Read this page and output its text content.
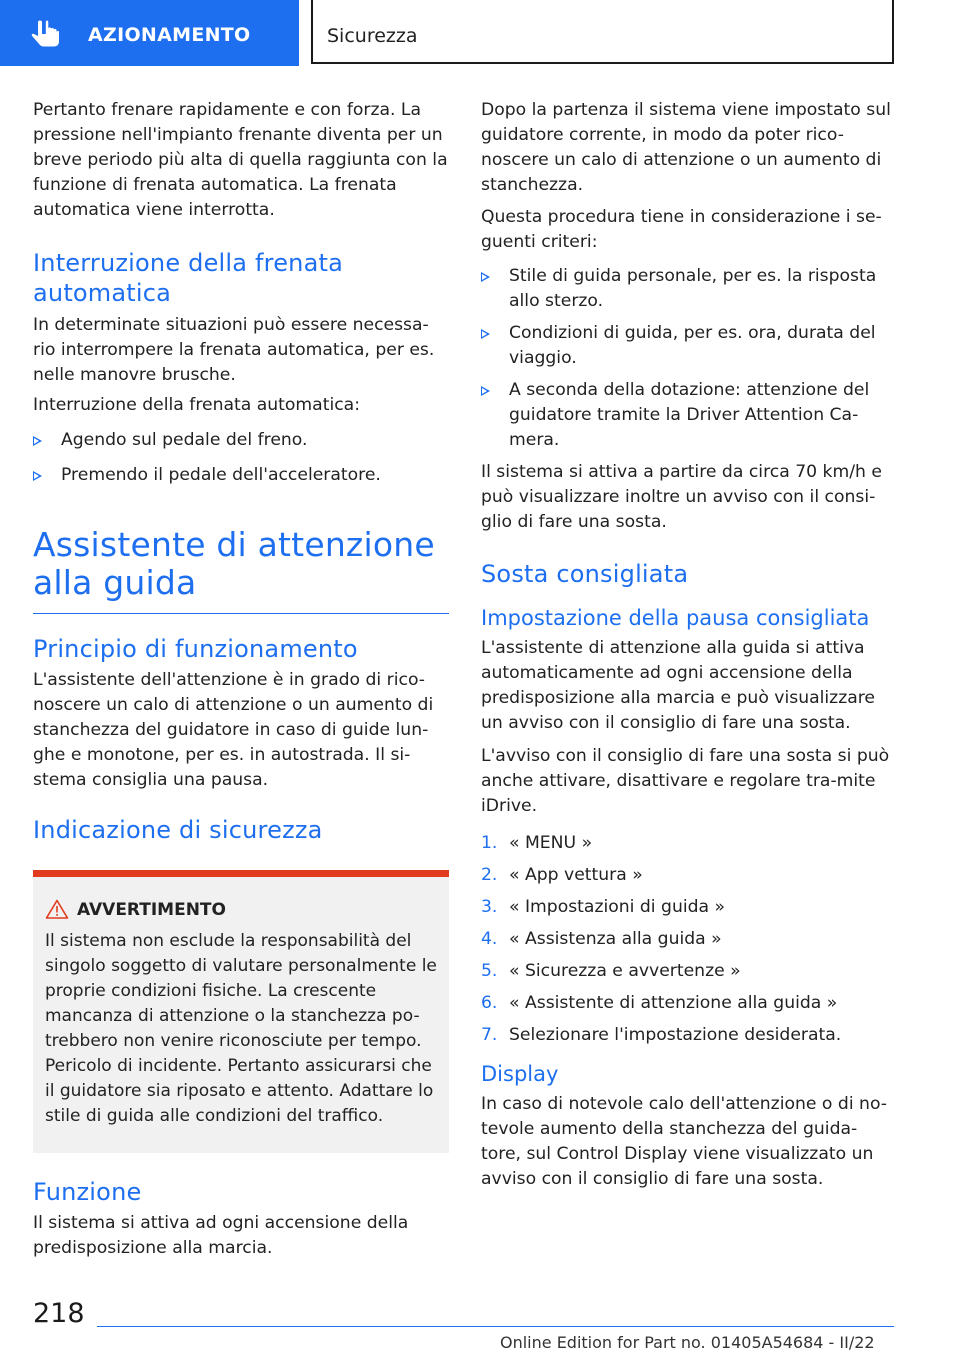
AZIONAMENTO	Sicurezza

Pertanto frenare rapidamente e con forza. La pressione nell'impianto frenante diventa per un breve periodo più alta di quella raggiunta con la funzione di frenata automatica. La frenata automatica viene interrotta.

Interruzione della frenata automatica

In determinate situazioni può essere necessa-rio interrompere la frenata automatica, per es. nelle manovre brusche.

Interruzione della frenata automatica:

Agendo sul pedale del freno.
Premendo il pedale dell'acceleratore.
Assistente di attenzione alla guida
Principio di funzionamento

L'assistente dell'attenzione è in grado di rico-noscere un calo di attenzione o un aumento di stanchezza del guidatore in caso di guide lun-ghe e monotone, per es. in autostrada. Il si-stema consiglia una pausa.

Indicazione di sicurezza
AVVERTIMENTO

Il sistema non esclude la responsabilità del singolo soggetto di valutare personalmente le proprie condizioni fisiche. La crescente mancanza di attenzione o la stanchezza po-trebbero non venire riconosciute per tempo. Pericolo di incidente. Pertanto assicurarsi che il guidatore sia riposato e attento. Adattare lo stile di guida alle condizioni del traffico.

Funzione

Il sistema si attiva ad ogni accensione della predisposizione alla marcia.

Dopo la partenza il sistema viene impostato sul guidatore corrente, in modo da poter rico-noscere un calo di attenzione o un aumento di stanchezza.

Questa procedura tiene in considerazione i se-guenti criteri:

Stile di guida personale, per es. la risposta allo sterzo.
Condizioni di guida, per es. ora, durata del viaggio.
A seconda della dotazione: attenzione del guidatore tramite la Driver Attention Ca-mera.

Il sistema si attiva a partire da circa 70 km/h e può visualizzare inoltre un avviso con il consi-glio di fare una sosta.

Sosta consigliata
Impostazione della pausa consigliata

L'assistente di attenzione alla guida si attiva automaticamente ad ogni accensione della predisposizione alla marcia e può visualizzare un avviso con il consiglio di fare una sosta.

L'avviso con il consiglio di fare una sosta si può anche attivare, disattivare e regolare tra-mite iDrive.

1. « MENU »
2. « App vettura »
3. « Impostazioni di guida »
4. « Assistenza alla guida »
5. « Sicurezza e avvertenze »
6. « Assistente di attenzione alla guida »
7. Selezionare l'impostazione desiderata.
Display

In caso di notevole calo dell'attenzione o di no-tevole aumento della stanchezza del guida-tore, sul Control Display viene visualizzato un avviso con il consiglio di fare una sosta.

218
Online Edition for Part no. 01405A54684 - II/22
